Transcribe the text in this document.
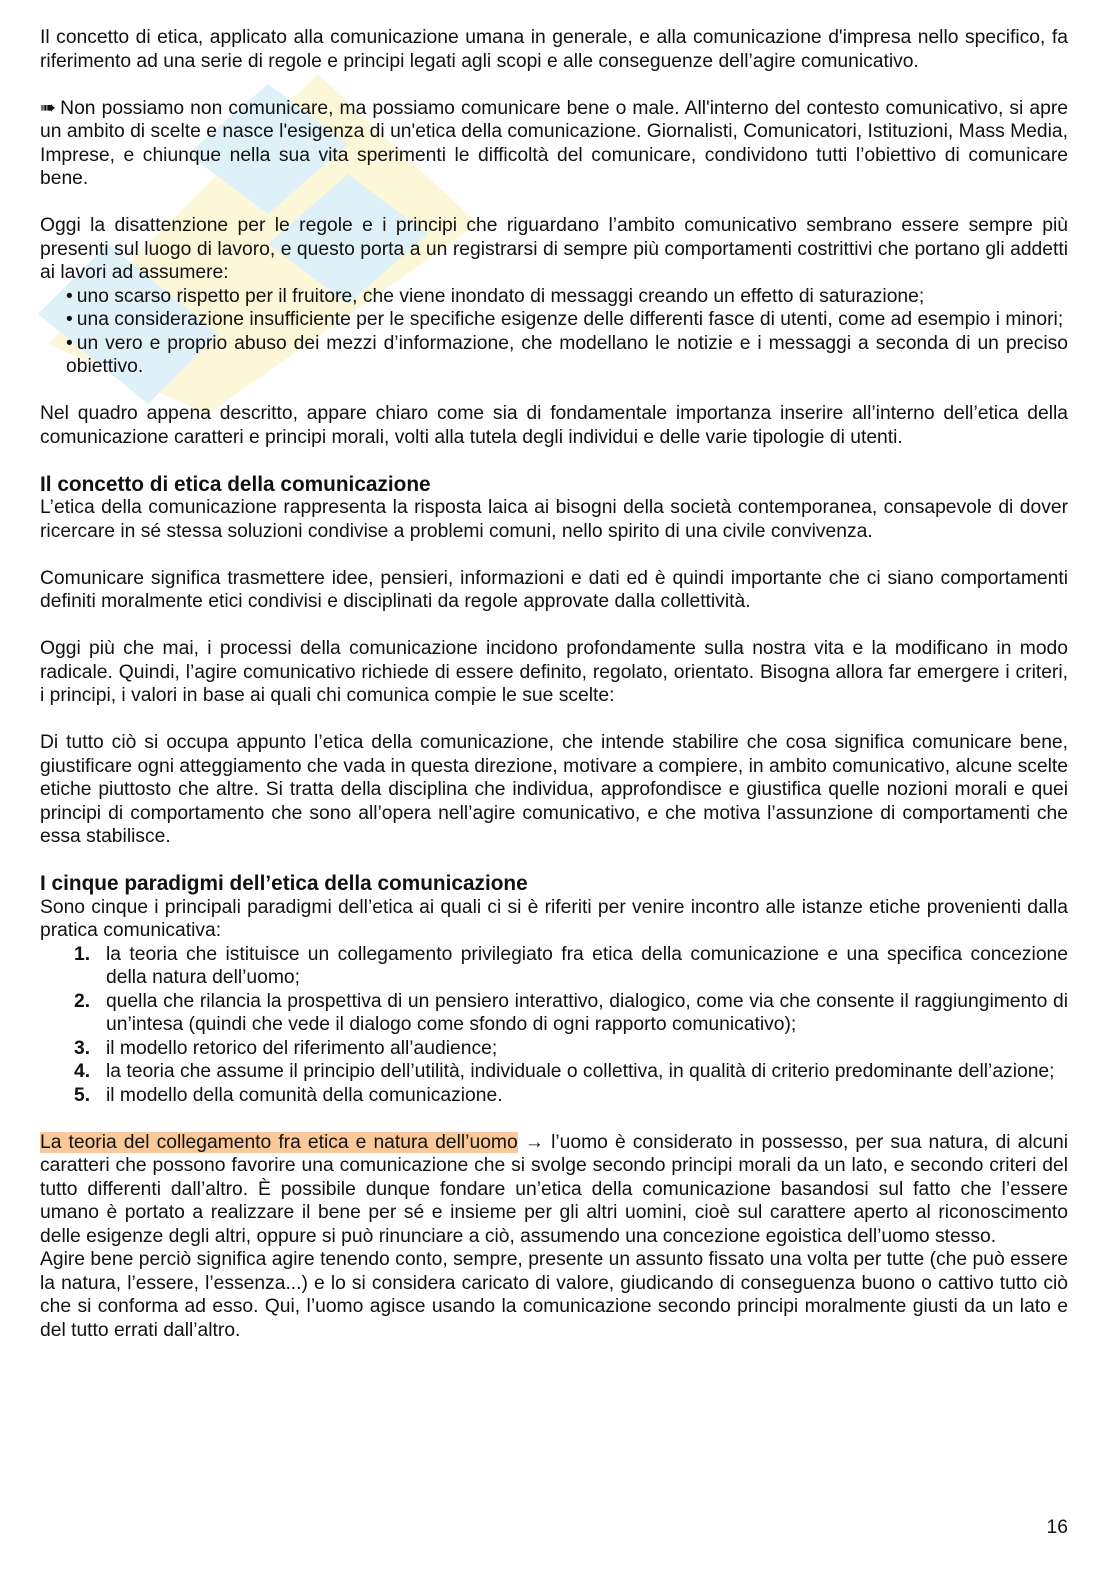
Il concetto di etica, applicato alla comunicazione umana in generale, e alla comunicazione d'impresa nello specifico, fa riferimento ad una serie di regole e principi legati agli scopi e alle conseguenze dell’agire comunicativo.

➠ Non possiamo non comunicare, ma possiamo comunicare bene o male. All'interno del contesto comunicativo, si apre un ambito di scelte e nasce l'esigenza di un'etica della comunicazione. Giornalisti, Comunicatori, Istituzioni, Mass Media, Imprese, e chiunque nella sua vita sperimenti le difficoltà del comunicare, condividono tutti l’obiettivo di comunicare bene.

Oggi la disattenzione per le regole e i principi che riguardano l’ambito comunicativo sembrano essere sempre più presenti sul luogo di lavoro, e questo porta a un registrarsi di sempre più comportamenti costrittivi che portano gli addetti ai lavori ad assumere:

• uno scarso rispetto per il fruitore, che viene inondato di messaggi creando un effetto di saturazione;
• una considerazione insufficiente per le specifiche esigenze delle differenti fasce di utenti, come ad esempio i minori;
• un vero e proprio abuso dei mezzi d’informazione, che modellano le notizie e i messaggi a seconda di un preciso obiettivo.

Nel quadro appena descritto, appare chiaro come sia di fondamentale importanza inserire all’interno dell’etica della comunicazione caratteri e principi morali, volti alla tutela degli individui e delle varie tipologie di utenti.

Il concetto di etica della comunicazione

L’etica della comunicazione rappresenta la risposta laica ai bisogni della società contemporanea, consapevole di dover ricercare in sé stessa soluzioni condivise a problemi comuni, nello spirito di una civile convivenza.

Comunicare significa trasmettere idee, pensieri, informazioni e dati ed è quindi importante che ci siano comportamenti definiti moralmente etici condivisi e disciplinati da regole approvate dalla collettività.

Oggi più che mai, i processi della comunicazione incidono profondamente sulla nostra vita e la modificano in modo radicale. Quindi, l’agire comunicativo richiede di essere definito, regolato, orientato. Bisogna allora far emergere i criteri, i principi, i valori in base ai quali chi comunica compie le sue scelte:

Di tutto ciò si occupa appunto l’etica della comunicazione, che intende stabilire che cosa significa comunicare bene, giustificare ogni atteggiamento che vada in questa direzione, motivare a compiere, in ambito comunicativo, alcune scelte etiche piuttosto che altre. Si tratta della disciplina che individua, approfondisce e giustifica quelle nozioni morali e quei principi di comportamento che sono all’opera nell’agire comunicativo, e che motiva l’assunzione di comportamenti che essa stabilisce.

I cinque paradigmi dell’etica della comunicazione

Sono cinque i principali paradigmi dell’etica ai quali ci si è riferiti per venire incontro alle istanze etiche provenienti dalla pratica comunicativa:

1. la teoria che istituisce un collegamento privilegiato fra etica della comunicazione e una specifica concezione della natura dell’uomo;
2. quella che rilancia la prospettiva di un pensiero interattivo, dialogico, come via che consente il raggiungimento di un’intesa (quindi che vede il dialogo come sfondo di ogni rapporto comunicativo);
3. il modello retorico del riferimento all’audience;
4. la teoria che assume il principio dell’utilità, individuale o collettiva, in qualità di criterio predominante dell’azione;
5. il modello della comunità della comunicazione.

La teoria del collegamento fra etica e natura dell’uomo → l’uomo è considerato in possesso, per sua natura, di alcuni caratteri che possono favorire una comunicazione che si svolge secondo principi morali da un lato, e secondo criteri del tutto differenti dall’altro. È possibile dunque fondare un’etica della comunicazione basandosi sul fatto che l’essere umano è portato a realizzare il bene per sé e insieme per gli altri uomini, cioè sul carattere aperto al riconoscimento delle esigenze degli altri, oppure si può rinunciare a ciò, assumendo una concezione egoistica dell’uomo stesso.

Agire bene perciò significa agire tenendo conto, sempre, presente un assunto fissato una volta per tutte (che può essere la natura, l’essere, l’essenza...) e lo si considera caricato di valore, giudicando di conseguenza buono o cattivo tutto ciò che si conforma ad esso. Qui, l’uomo agisce usando la comunicazione secondo principi moralmente giusti da un lato e del tutto errati dall’altro.

16
